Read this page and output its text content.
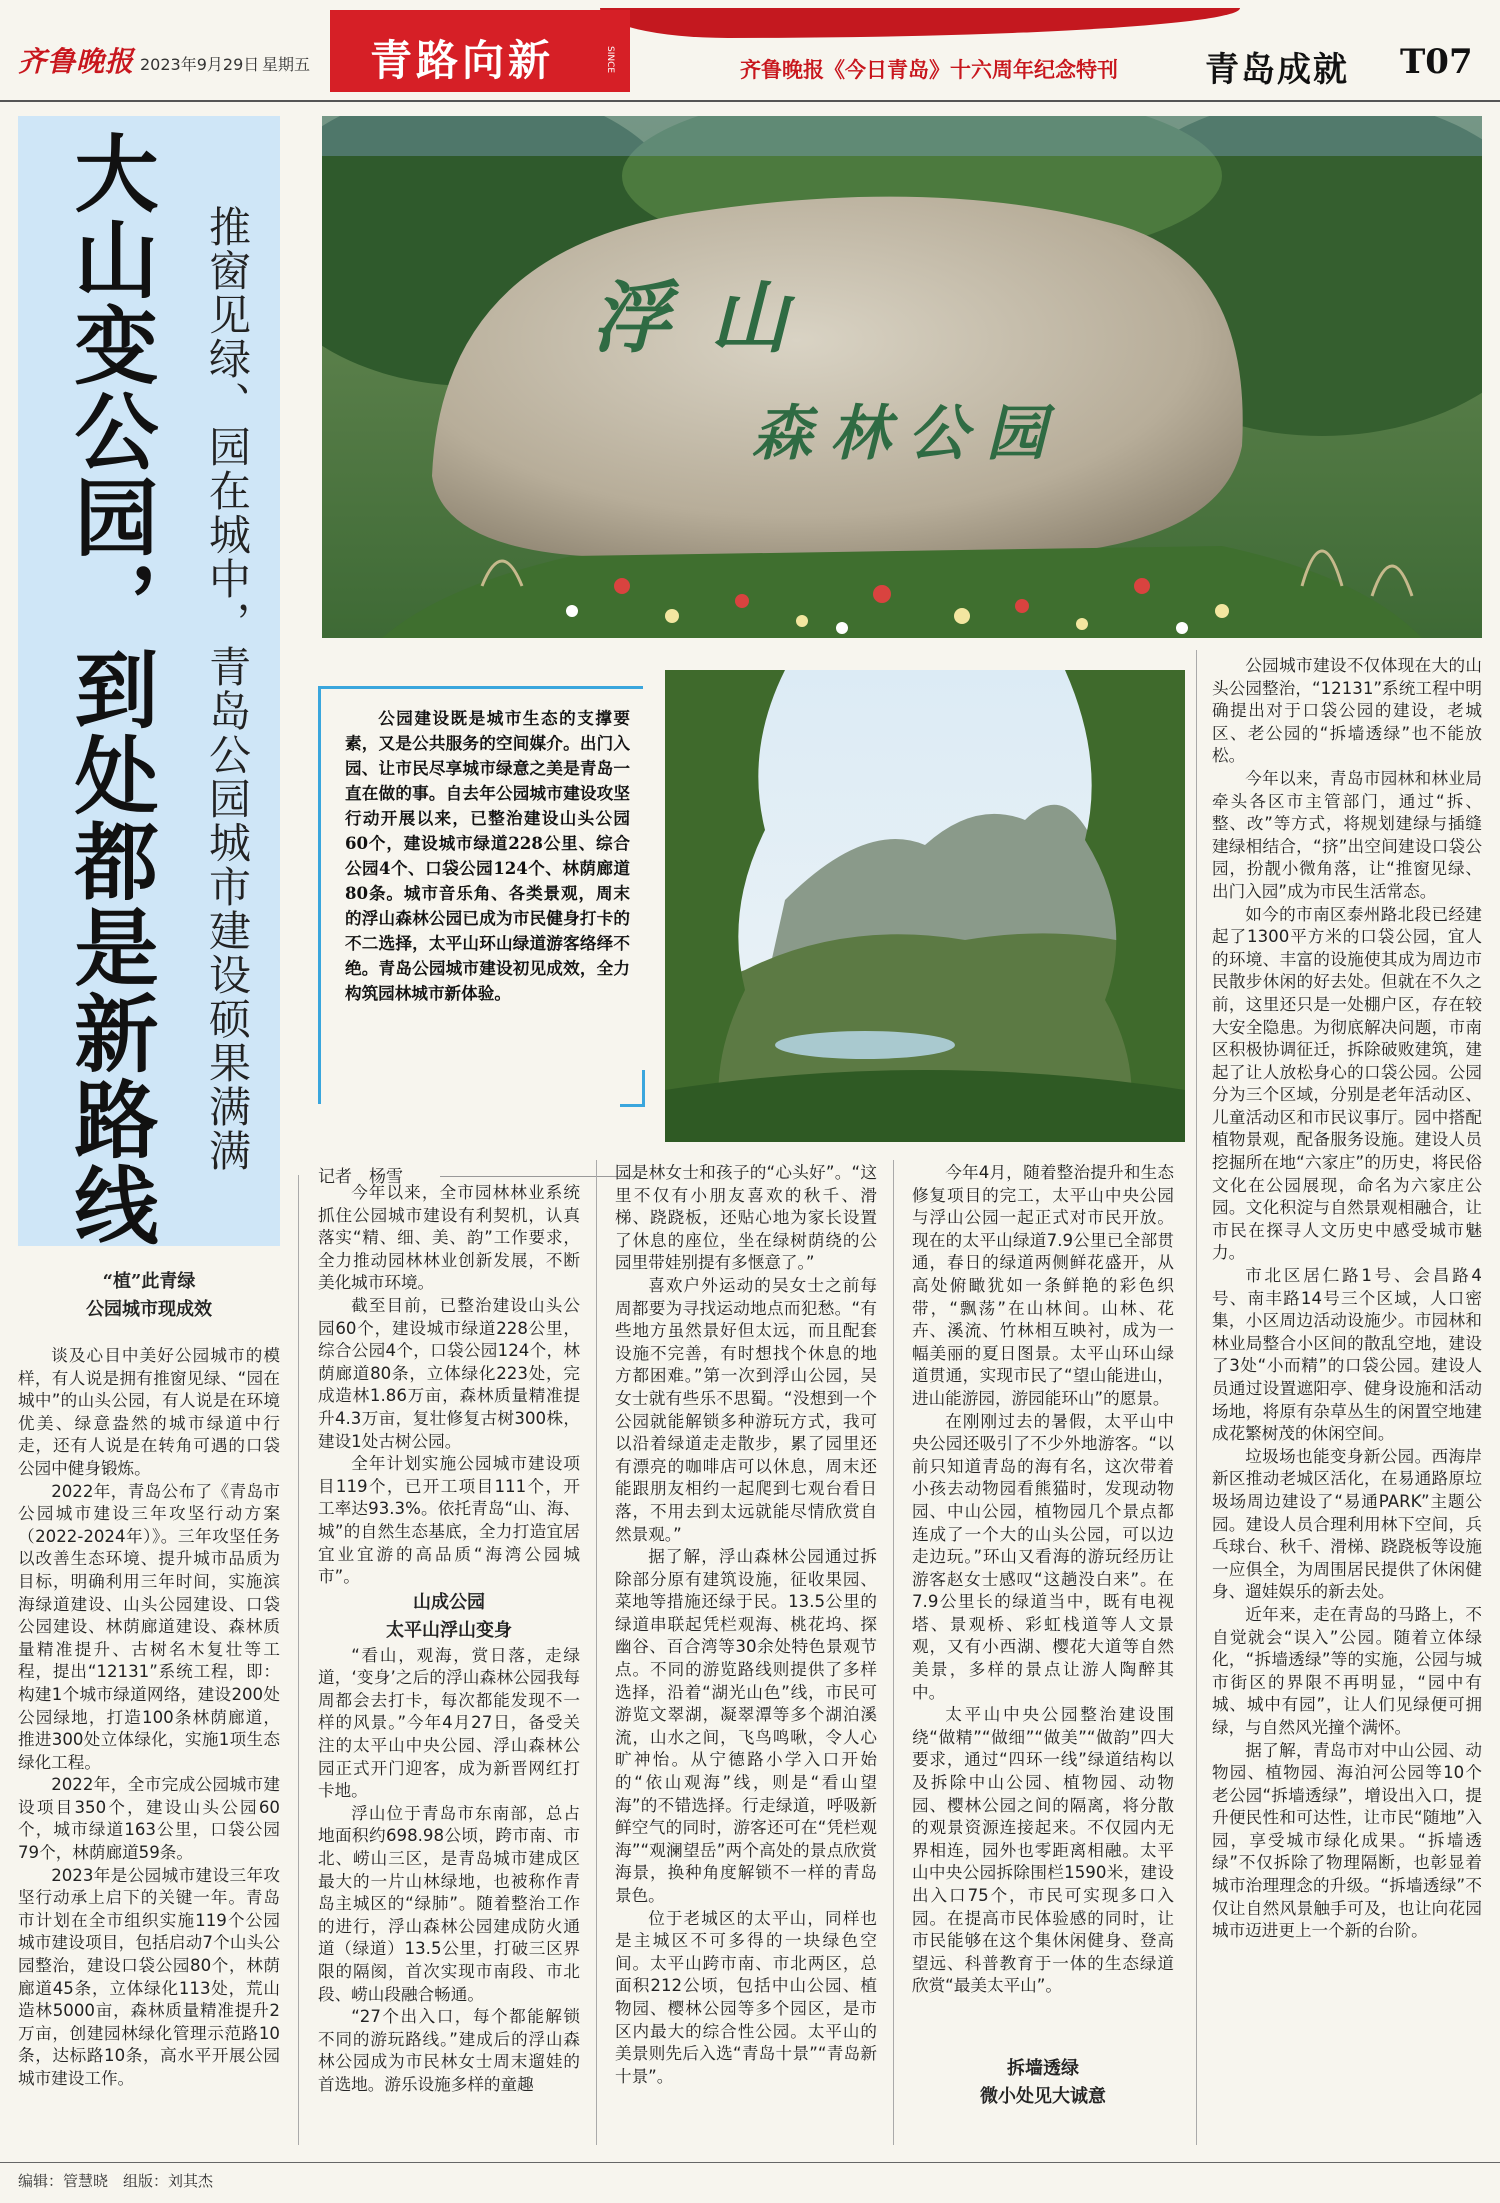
齐鲁晚报 2023年9月29日 星期五 青路向新	SINCE	齐鲁晚报《今日青岛》十六周年纪念特刊	青岛成就 T07
大山变公园，到处都是新路线	推窗见绿、园在城中，青岛公园城市建设硕果满满	浮山
森林公园
公园建设既是城市生态的支撑要素，又是公共服务的空间媒介。出门入园、让市民尽享城市绿意之美是青岛一直在做的事。自去年公园城市建设攻坚行动开展以来，已整治建设山头公园60个，建设城市绿道228公里、综合公园4个、口袋公园124个、林荫廊道80条。城市音乐角、各类景观，周末的浮山森林公园已成为市民健身打卡的不二选择，太平山环山绿道游客络绎不绝。青岛公园城市建设初见成效，全力构筑园林城市新体验。
记者　杨雪

“植”此青绿

公园城市现成效

谈及心目中美好公园城市的模样，有人说是拥有推窗见绿、“园在城中”的山头公园，有人说是在环境优美、绿意盎然的城市绿道中行走，还有人说是在转角可遇的口袋公园中健身锻炼。

2022年，青岛公布了《青岛市公园城市建设三年攻坚行动方案（2022-2024年）》。三年攻坚任务以改善生态环境、提升城市品质为目标，明确利用三年时间，实施滨海绿道建设、山头公园建设、口袋公园建设、林荫廊道建设、森林质量精准提升、古树名木复壮等工程，提出“12131”系统工程，即：构建1个城市绿道网络，建设200处公园绿地，打造100条林荫廊道，推进300处立体绿化，实施1项生态绿化工程。

2022年，全市完成公园城市建设项目350个，建设山头公园60个，城市绿道163公里，口袋公园79个，林荫廊道59条。

2023年是公园城市建设三年攻坚行动承上启下的关键一年。青岛市计划在全市组织实施119个公园城市建设项目，包括启动7个山头公园整治，建设口袋公园80个，林荫廊道45条，立体绿化113处，荒山造林5000亩，森林质量精准提升2万亩，创建园林绿化管理示范路10条，达标路10条，高水平开展公园城市建设工作。

今年以来，全市园林林业系统抓住公园城市建设有利契机，认真落实“精、细、美、韵”工作要求，全力推动园林林业创新发展，不断美化城市环境。

截至目前，已整治建设山头公园60个，建设城市绿道228公里，综合公园4个，口袋公园124个，林荫廊道80条，立体绿化223处，完成造林1.86万亩，森林质量精准提升4.3万亩，复壮修复古树300株，建设1处古树公园。

全年计划实施公园城市建设项目119个，已开工项目111个，开工率达93.3%。依托青岛“山、海、城”的自然生态基底，全力打造宜居宜业宜游的高品质“海湾公园城市”。

山成公园

太平山浮山变身

“看山，观海，赏日落，走绿道，‘变身’之后的浮山森林公园我每周都会去打卡，每次都能发现不一样的风景。”今年4月27日，备受关注的太平山中央公园、浮山森林公园正式开门迎客，成为新晋网红打卡地。

浮山位于青岛市东南部，总占地面积约698.98公顷，跨市南、市北、崂山三区，是青岛城市建成区最大的一片山林绿地，也被称作青岛主城区的“绿肺”。随着整治工作的进行，浮山森林公园建成防火通道（绿道）13.5公里，打破三区界限的隔阂，首次实现市南段、市北段、崂山段融合畅通。

“27个出入口，每个都能解锁不同的游玩路线。”建成后的浮山森林公园成为市民林女士周末遛娃的首选地。游乐设施多样的童趣

园是林女士和孩子的“心头好”。“这里不仅有小朋友喜欢的秋千、滑梯、跷跷板，还贴心地为家长设置了休息的座位，坐在绿树荫绕的公园里带娃别提有多惬意了。”

喜欢户外运动的吴女士之前每周都要为寻找运动地点而犯愁。“有些地方虽然景好但太远，而且配套设施不完善，有时想找个休息的地方都困难。”第一次到浮山公园，吴女士就有些乐不思蜀。“没想到一个公园就能解锁多种游玩方式，我可以沿着绿道走走散步，累了园里还有漂亮的咖啡店可以休息，周末还能跟朋友相约一起爬到七观台看日落，不用去到太远就能尽情欣赏自然景观。”

据了解，浮山森林公园通过拆除部分原有建筑设施，征收果园、菜地等措施还绿于民。13.5公里的绿道串联起凭栏观海、桃花坞、探幽谷、百合湾等30余处特色景观节点。不同的游览路线则提供了多样选择，沿着“湖光山色”线，市民可游览文翠湖，凝翠潭等多个湖泊溪流，山水之间，飞鸟鸣啾，令人心旷神怡。从宁德路小学入口开始的“依山观海”线，则是“看山望海”的不错选择。行走绿道，呼吸新鲜空气的同时，游客还可在“凭栏观海”“观澜望岳”两个高处的景点欣赏海景，换种角度解锁不一样的青岛景色。

位于老城区的太平山，同样也是主城区不可多得的一块绿色空间。太平山跨市南、市北两区，总面积212公顷，包括中山公园、植物园、樱林公园等多个园区，是市区内最大的综合性公园。太平山的美景则先后入选“青岛十景”“青岛新十景”。

今年4月，随着整治提升和生态修复项目的完工，太平山中央公园与浮山公园一起正式对市民开放。现在的太平山绿道7.9公里已全部贯通，春日的绿道两侧鲜花盛开，从高处俯瞰犹如一条鲜艳的彩色织带，“飘荡”在山林间。山林、花卉、溪流、竹林相互映衬，成为一幅美丽的夏日图景。太平山环山绿道贯通，实现市民了“望山能进山，进山能游园，游园能环山”的愿景。

在刚刚过去的暑假，太平山中央公园还吸引了不少外地游客。“以前只知道青岛的海有名，这次带着小孩去动物园看熊猫时，发现动物园、中山公园，植物园几个景点都连成了一个大的山头公园，可以边走边玩。”环山又看海的游玩经历让游客赵女士感叹“这趟没白来”。在7.9公里长的绿道当中，既有电视塔、景观桥、彩虹栈道等人文景观，又有小西湖、樱花大道等自然美景，多样的景点让游人陶醉其中。

太平山中央公园整治建设围绕“做精”“做细”“做美”“做韵”四大要求，通过“四环一线”绿道结构以及拆除中山公园、植物园、动物园、樱林公园之间的隔离，将分散的观景资源连接起来。不仅园内无界相连，园外也零距离相融。太平山中央公园拆除围栏1590米，建设出入口75个，市民可实现多口入园。在提高市民体验感的同时，让市民能够在这个集休闲健身、登高望远、科普教育于一体的生态绿道欣赏“最美太平山”。

拆墙透绿

微小处见大诚意

公园城市建设不仅体现在大的山头公园整治，“12131”系统工程中明确提出对于口袋公园的建设，老城区、老公园的“拆墙透绿”也不能放松。

今年以来，青岛市园林和林业局牵头各区市主管部门，通过“拆、整、改”等方式，将规划建绿与插缝建绿相结合，“挤”出空间建设口袋公园，扮靓小微角落，让“推窗见绿、出门入园”成为市民生活常态。

如今的市南区泰州路北段已经建起了1300平方米的口袋公园，宜人的环境、丰富的设施使其成为周边市民散步休闲的好去处。但就在不久之前，这里还只是一处棚户区，存在较大安全隐患。为彻底解决问题，市南区积极协调征迁，拆除破败建筑，建起了让人放松身心的口袋公园。公园分为三个区域，分别是老年活动区、儿童活动区和市民议事厅。园中搭配植物景观，配备服务设施。建设人员挖掘所在地“六家庄”的历史，将民俗文化在公园展现，命名为六家庄公园。文化积淀与自然景观相融合，让市民在探寻人文历史中感受城市魅力。

市北区居仁路1号、会昌路4号、南丰路14号三个区域，人口密集，小区周边活动设施少。市园林和林业局整合小区间的散乱空地，建设了3处“小而精”的口袋公园。建设人员通过设置遮阳亭、健身设施和活动场地，将原有杂草丛生的闲置空地建成花繁树茂的休闲空间。

垃圾场也能变身新公园。西海岸新区推动老城区活化，在易通路原垃圾场周边建设了“易通PARK”主题公园。建设人员合理利用林下空间，兵乓球台、秋千、滑梯、跷跷板等设施一应俱全，为周围居民提供了休闲健身、遛娃娱乐的新去处。

近年来，走在青岛的马路上，不自觉就会“误入”公园。随着立体绿化，“拆墙透绿”等的实施，公园与城市街区的界限不再明显，“园中有城、城中有园”，让人们见绿便可拥绿，与自然风光撞个满怀。

据了解，青岛市对中山公园、动物园、植物园、海泊河公园等10个老公园“拆墙透绿”，增设出入口，提升便民性和可达性，让市民“随地”入园，享受城市绿化成果。“拆墙透绿”不仅拆除了物理隔断，也彰显着城市治理理念的升级。“拆墙透绿”不仅让自然风景触手可及，也让向花园城市迈进更上一个新的台阶。

编辑：管慧晓　组版：刘其杰
